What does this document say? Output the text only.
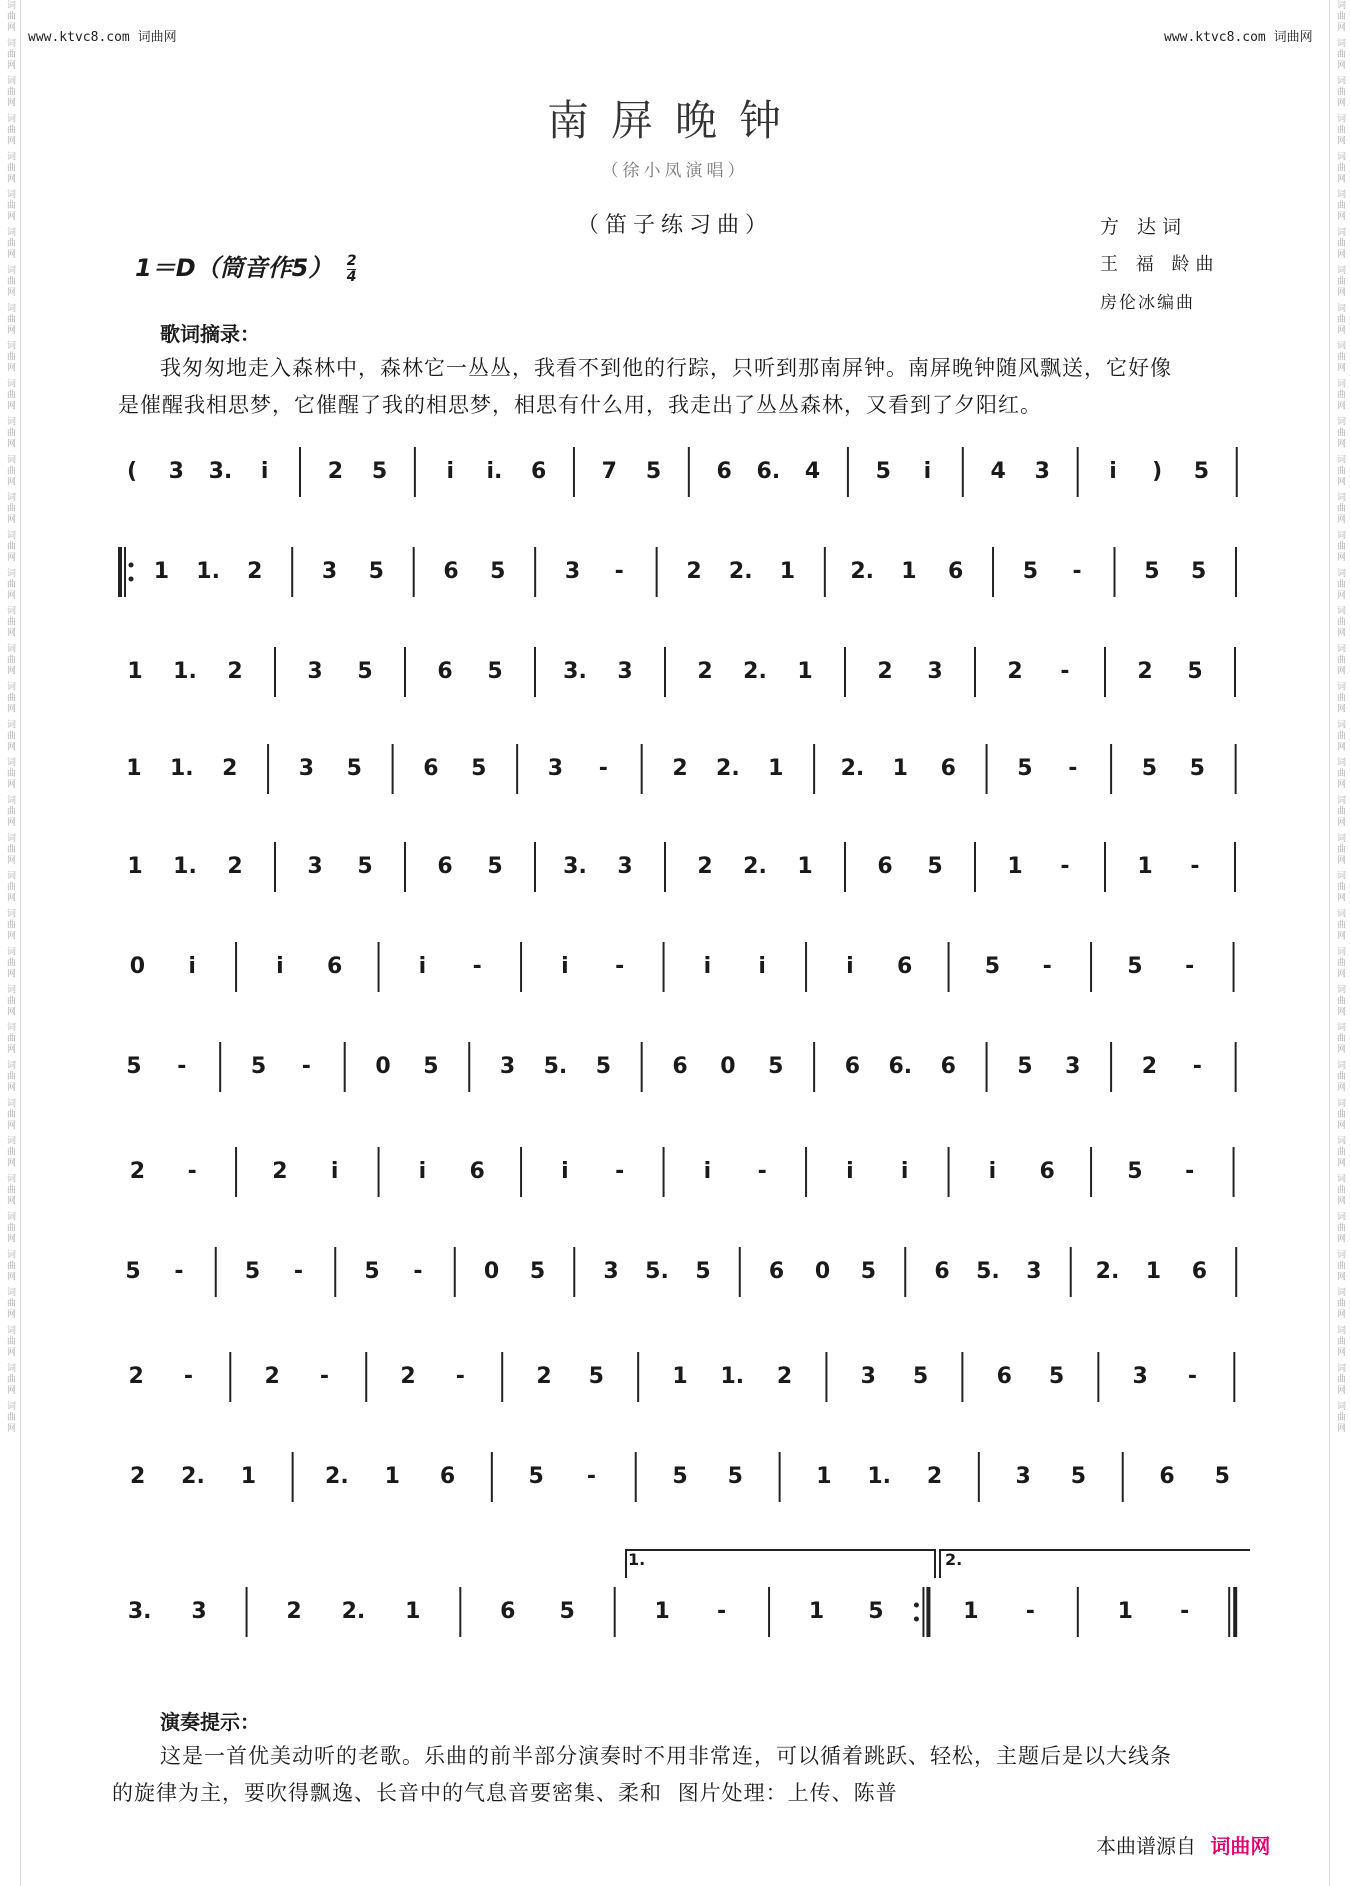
词曲网 词曲网 词曲网 词曲网 词曲网 词曲网 词曲网 词曲网 词曲网 词曲网 词曲网 词曲网 词曲网 词曲网 词曲网 词曲网 词曲网 词曲网 词曲网 词曲网 词曲网 词曲网 词曲网 词曲网 词曲网 词曲网 词曲网 词曲网 词曲网 词曲网 词曲网 词曲网 词曲网 词曲网 词曲网 词曲网 词曲网 词曲网	词曲网 词曲网 词曲网 词曲网 词曲网 词曲网 词曲网 词曲网 词曲网 词曲网 词曲网 词曲网 词曲网 词曲网 词曲网 词曲网 词曲网 词曲网 词曲网 词曲网 词曲网 词曲网 词曲网 词曲网 词曲网 词曲网 词曲网 词曲网 词曲网 词曲网 词曲网 词曲网 词曲网 词曲网 词曲网 词曲网 词曲网 词曲网
www.ktvc8.com 词曲网	www.ktvc8.com 词曲网
南屏晚钟
（徐小凤演唱）
（笛子练习曲）	方 达词
王 福 龄曲
房伦冰编曲
1＝D（筒音作$5) \frac{2}{4}$
歌词摘录：
我匆匆地走入森林中，森林它一丛丛，我看不到他的行踪，只听到那南屏钟。南屏晚钟随风飘送，它好像
是催醒我相思梦，它催醒了我的相思梦，相思有什么用，我走出了丛丛森林，又看到了夕阳红。
(	3 3.	i	2 5	i	i. 6	7 5	6 6. 4	5	i	4 3	i	)	5
1 1. 2	3 5	6 5	3	-	2 2. 1	2. 1 6	5	-	5 5
1 1. 2	3 5	6 5	3. 3	2 2. 1	2 3	2	-	2 5
1 1. 2	3 5	6 5	3	-	2 2. 1	2. 1 6	5	-	5 5
1 1. 2	3 5	6 5	3. 3	2 2. 1	6 5	1	-	1	-
0	i	i	6	i	-	i	-	i	i	i	6	5	-	5	-
5	-	5	-	0 5	3 5. 5	6 0 5	6 6. 6	5 3	2	-
2	-	2	i	i	6	i	-	i	-	i	i	i	6	5	-
5	-	5	-	5	-	0 5	3 5. 5	6 0 5	6 5. 3 2. 1 6
2	-	2	-	2	-	2 5	1 1. 2	3 5	6 5	3	-
2 2. 1	2. 1 6	5	-	5 5	1 1. 2	3 5	6 5
3. 3	2 2. 1	6 5	1	-	1 5	1	-	1	-
1.	2.
演奏提示：
这是一首优美动听的老歌。乐曲的前半部分演奏时不用非常连，可以循着跳跃、轻松，主题后是以大线条
的旋律为主，要吹得飘逸、长音中的气息音要密集、柔和 图片处理：上传、陈普
本曲谱源自 词曲网
